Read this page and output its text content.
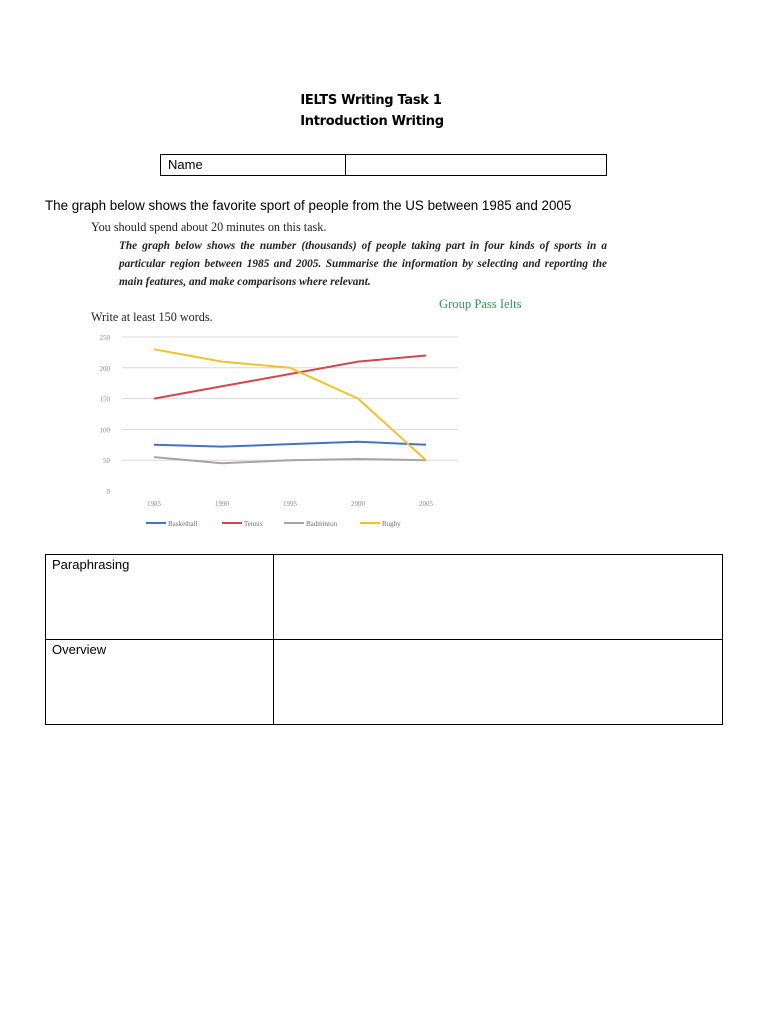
IELTS Writing Task 1
Introduction Writing
Name

The graph below shows the favorite sport of people from the US between 1985 and 2005

You should spend about 20 minutes on this task.

The graph below shows the number (thousands) of people taking part in four kinds of sports in a particular region between 1985 and 2005. Summarise the information by selecting and reporting the main features, and make comparisons where relevant.

Group Pass Ielts

Write at least 150 words.

0
50
100
150
200
250
1985	1990	1995	2000	2005
Basketball	Tennis	Badminton	Rugby
Paraphrasing	
Overview	
